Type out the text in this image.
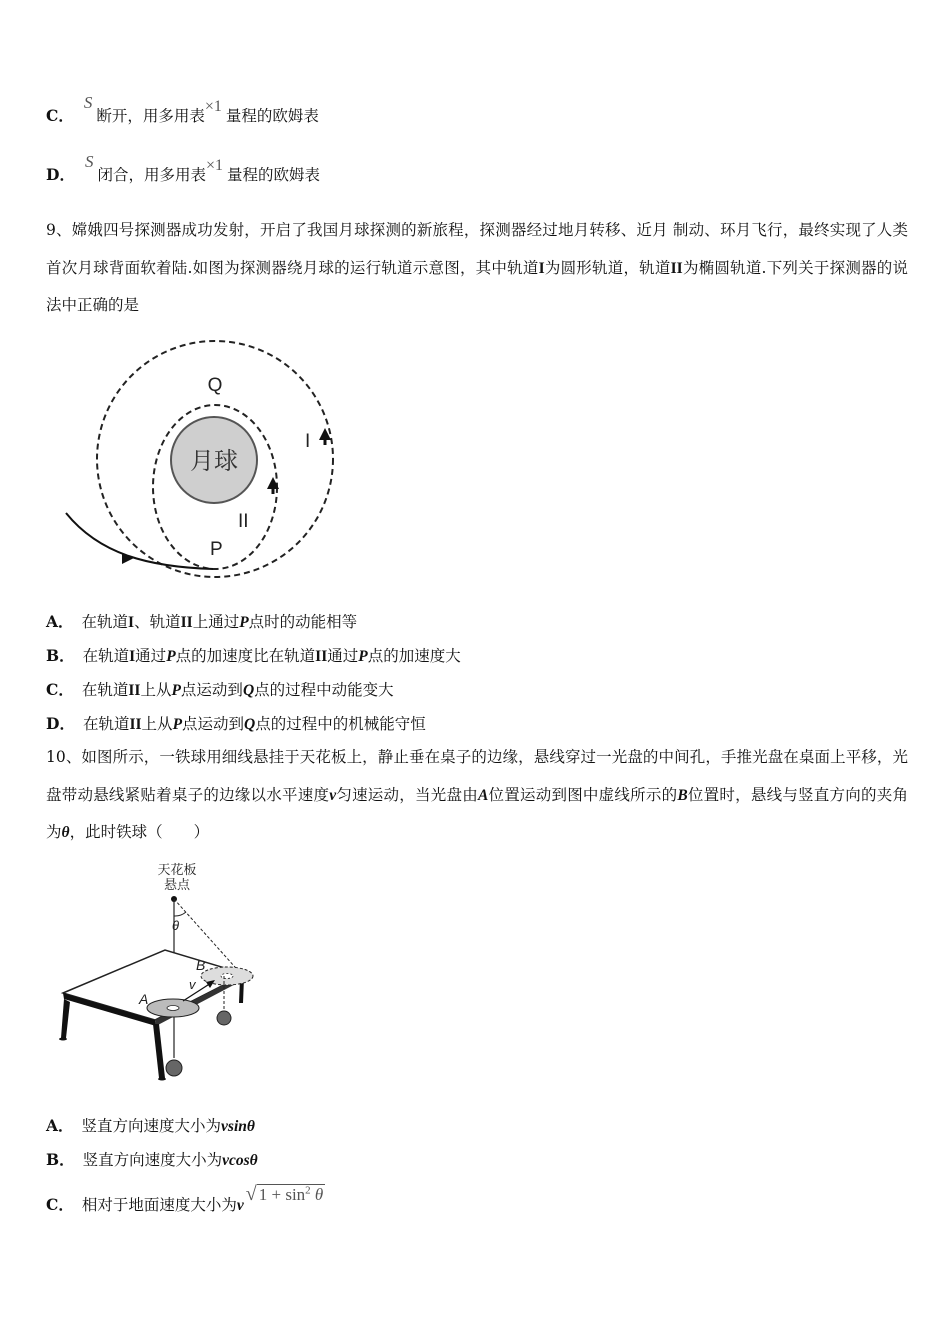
C．S断开，用多用表×1量程的欧姆表
D．S闭合，用多用表×1量程的欧姆表
9、嫦娥四号探测器成功发射，开启了我国月球探测的新旅程，探测器经过地月转移、近月 制动、环月飞行，最终实现了人类首次月球背面软着陆.如图为探测器绕月球的运行轨道示意图，其中轨道I为圆形轨道，轨道II为椭圆轨道.下列关于探测器的说法中正确的是
月球
Q
I
II
P
A． 在轨道I、轨道II上通过P点时的动能相等
B． 在轨道I通过P点的加速度比在轨道II通过P点的加速度大
C． 在轨道II上从P点运动到Q点的过程中动能变大
D． 在轨道II上从P点运动到Q点的过程中的机械能守恒
10、如图所示，一铁球用细线悬挂于天花板上，静止垂在桌子的边缘，悬线穿过一光盘的中间孔，手推光盘在桌面上平移，光盘带动悬线紧贴着桌子的边缘以水平速度v匀速运动，当光盘由A位置运动到图中虚线所示的B位置时，悬线与竖直方向的夹角为θ，此时铁球（　　）
天花板
悬点
θ
v
A
B
A． 竖直方向速度大小为vsinθ
B． 竖直方向速度大小为vcosθ
C． 相对于地面速度大小为v√ $1 + \sin^2 \theta$
